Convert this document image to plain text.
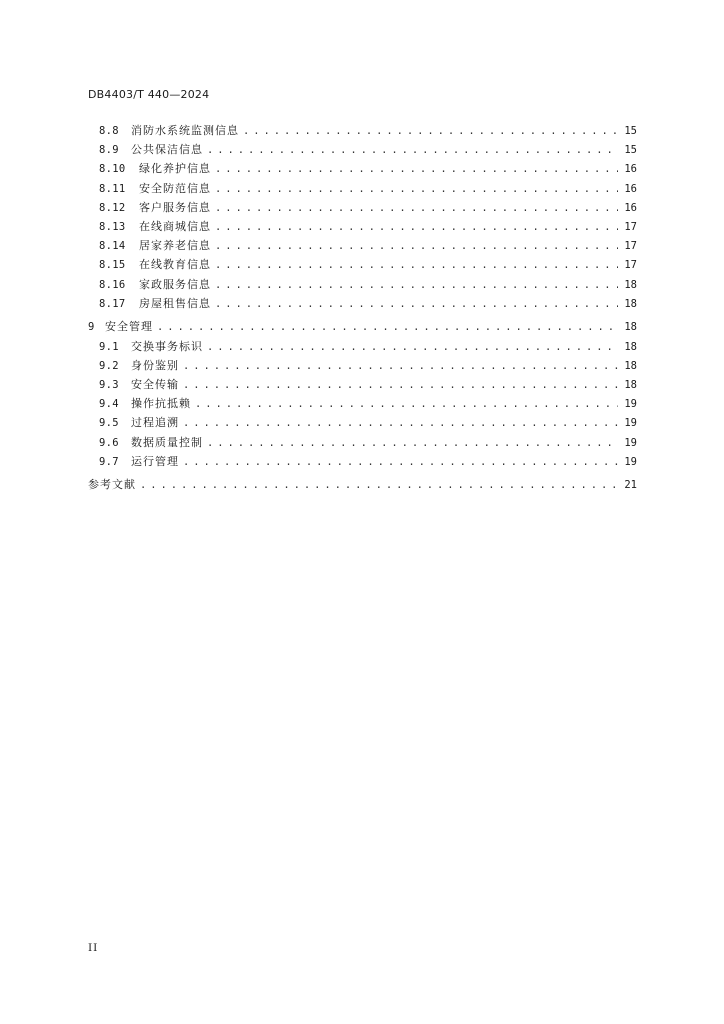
DB4403/T 440—2024
8.8	消防水系统监测信息 . . .	15
8.9	公共保洁信息 . . .	15
8.10	绿化养护信息 . . .	16
8.11	安全防范信息 . . .	16
8.12	客户服务信息 . . .	16
8.13	在线商城信息 . . .	17
8.14	居家养老信息 . . .	17
8.15	在线教育信息 . . .	17
8.16	家政服务信息 . . .	18
8.17	房屋租售信息 . . .	18
9 安全管理 . . .	18
9.1	交换事务标识 . . .	18
9.2	身份鉴别 . . .	18
9.3	安全传输 . . .	18
9.4	操作抗抵赖 . . .	19
9.5	过程追溯 . . .	19
9.6	数据质量控制 . . .	19
9.7	运行管理 . . .	19
参考文献 . . .	21
II
